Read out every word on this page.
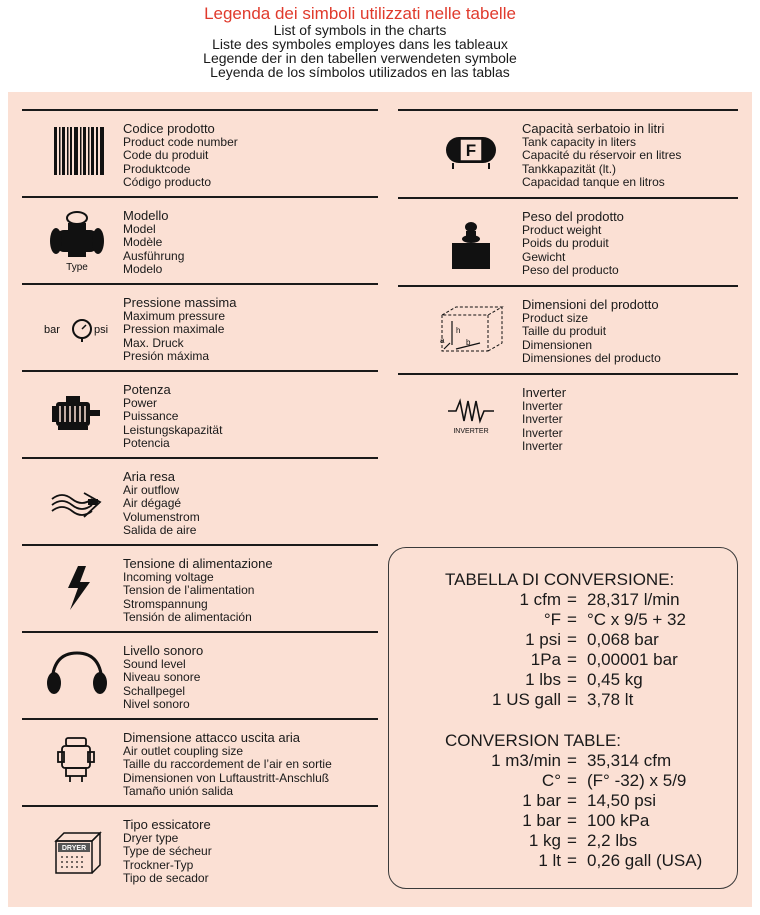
Legenda dei simboli utilizzati nelle tabelle
List of symbols in the charts
Liste des symboles employes dans les tableaux
Legende der in den tabellen verwendeten symbole
Leyenda de los símbolos utilizados en las tablas
Codice prodotto
Product code number
Code du produit
Produktcode
Código producto
Type
Modello
Model
Modèle
Ausführung
Modelo
bar	psi
Pressione massima
Maximum pressure
Pression maximale
Max. Druck
Presión máxima
Potenza
Power
Puissance
Leistungskapazität
Potencia
Aria resa
Air outflow
Air dégagé
Volumenstrom
Salida de aire
Tensione di alimentazione
Incoming voltage
Tension de l’alimentation
Stromspannung
Tensión de alimentación
Livello sonoro
Sound level
Niveau sonore
Schallpegel
Nivel sonoro
Dimensione attacco uscita aria
Air outlet coupling size
Taille du raccordement de l’air en sortie
Dimensionen von Luftaustritt-Anschluß
Tamaño unión salida
DRYER
Tipo essicatore
Dryer type
Type de sécheur
Trockner-Typ
Tipo de secador
F
Capacità serbatoio in litri
Tank capacity in liters
Capacité du réservoir en litres
Tankkapazität (lt.)
Capacidad tanque en litros
Peso del prodotto
Product weight
Poids du produit
Gewicht
Peso del producto
h
b
a
Dimensioni del prodotto
Product size
Taille du produit
Dimensionen
Dimensiones del producto
INVERTER
Inverter
Inverter
Inverter
Inverter
Inverter
TABELLA DI CONVERSIONE:
1 cfm = 28,317 l/min
°F = °C x 9/5 + 32
1 psi = 0,068 bar
1Pa = 0,00001 bar
1 lbs = 0,45 kg
1 US gall = 3,78 lt
CONVERSION TABLE:
1 m3/min = 35,314 cfm
C° = (F° -32) x 5/9
1 bar = 14,50 psi
1 bar = 100 kPa
1 kg = 2,2 lbs
1 lt = 0,26 gall (USA)
